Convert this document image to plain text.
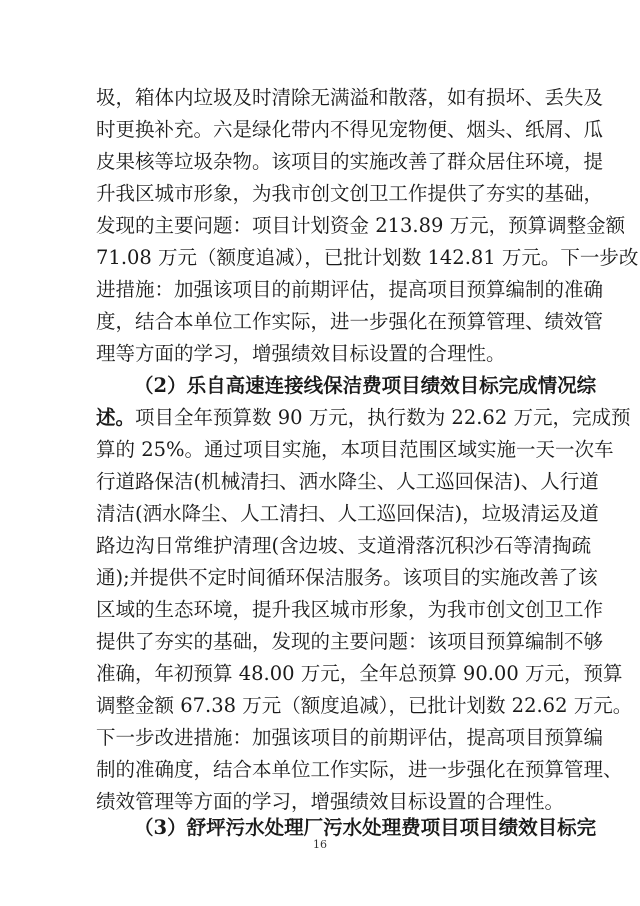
圾，箱体内垃圾及时清除无满溢和散落，如有损坏、丢失及
时更换补充。六是绿化带内不得见宠物便、烟头、纸屑、瓜
皮果核等垃圾杂物。该项目的实施改善了群众居住环境，提
升我区城市形象，为我市创文创卫工作提供了夯实的基础，
发现的主要问题：项目计划资金 213.89 万元，预算调整金额
71.08 万元（额度追减），已批计划数 142.81 万元。下一步改
进措施：加强该项目的前期评估，提高项目预算编制的准确
度，结合本单位工作实际，进一步强化在预算管理、绩效管
理等方面的学习，增强绩效目标设置的合理性。
（2）乐自高速连接线保洁费项目绩效目标完成情况综
述。项目全年预算数 90 万元，执行数为 22.62 万元，完成预
算的 25%。通过项目实施，本项目范围区域实施一天一次车
行道路保洁(机械清扫、洒水降尘、人工巡回保洁)、人行道
清洁(洒水降尘、人工清扫、人工巡回保洁)，垃圾清运及道
路边沟日常维护清理(含边坡、支道滑落沉积沙石等清掏疏
通);并提供不定时间循环保洁服务。该项目的实施改善了该
区域的生态环境，提升我区城市形象，为我市创文创卫工作
提供了夯实的基础，发现的主要问题：该项目预算编制不够
准确，年初预算 48.00 万元，全年总预算 90.00 万元，预算
调整金额 67.38 万元（额度追减），已批计划数 22.62 万元。
下一步改进措施：加强该项目的前期评估，提高项目预算编
制的准确度，结合本单位工作实际，进一步强化在预算管理、
绩效管理等方面的学习，增强绩效目标设置的合理性。
（3）舒坪污水处理厂污水处理费项目项目绩效目标完
16
